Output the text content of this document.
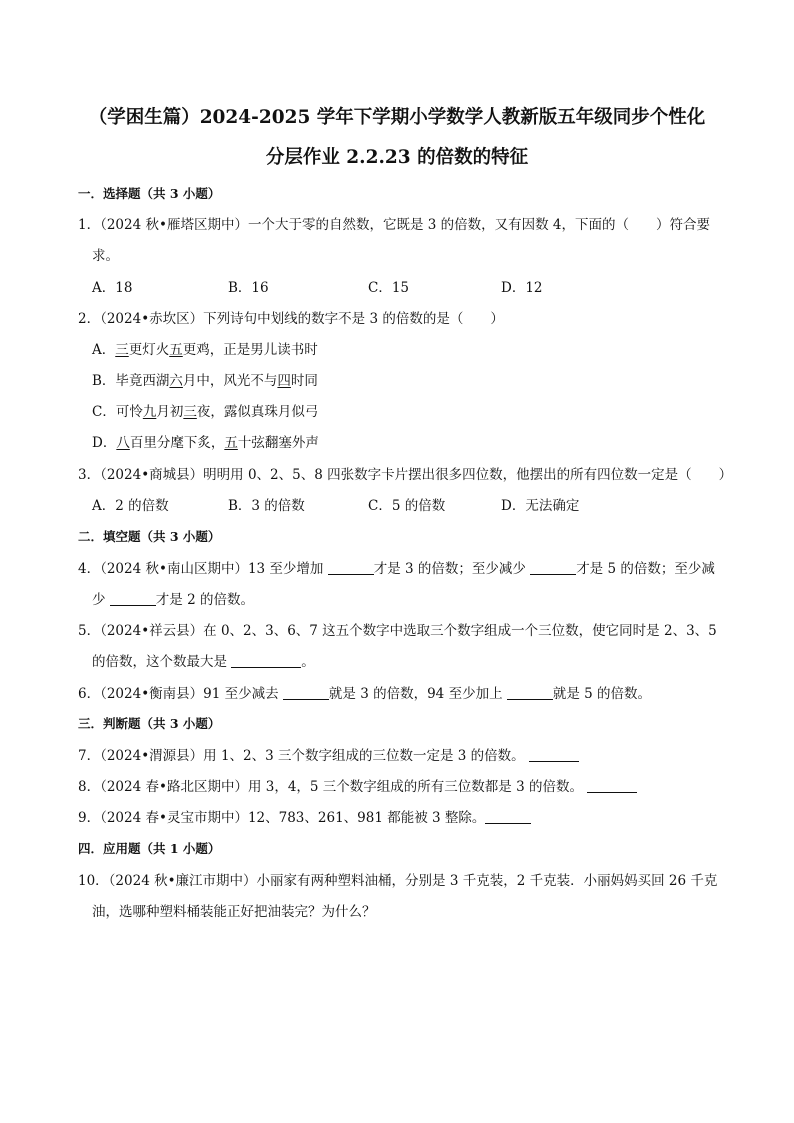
（学困生篇）2024-2025 学年下学期小学数学人教新版五年级同步个性化
分层作业 2.2.23 的倍数的特征
一．选择题（共 3 小题）
1．（2024 秋•雁塔区期中）一个大于零的自然数，它既是 3 的倍数，又有因数 4，下面的（　　）符合要
求。
A．18	B．16	C．15	D．12
2．（2024•赤坎区）下列诗句中划线的数字不是 3 的倍数的是（　　）
A．三更灯火五更鸡，正是男儿读书时
B．毕竟西湖六月中，风光不与四时同
C．可怜九月初三夜，露似真珠月似弓
D．八百里分麾下炙，五十弦翻塞外声
3．（2024•商城县）明明用 0、2、5、8 四张数字卡片摆出很多四位数，他摆出的所有四位数一定是（　　）
A．2 的倍数	B．3 的倍数	C．5 的倍数	D．无法确定
二．填空题（共 3 小题）
4．（2024 秋•南山区期中）13 至少增加	才是 3 的倍数；至少减少	才是 5 的倍数；至少减
少	才是 2 的倍数。
5．（2024•祥云县）在 0、2、3、6、7 这五个数字中选取三个数字组成一个三位数，使它同时是 2、3、5
的倍数，这个数最大是	。
6．（2024•衡南县）91 至少减去	就是 3 的倍数，94 至少加上	就是 5 的倍数。
三．判断题（共 3 小题）
7．（2024•渭源县）用 1、2、3 三个数字组成的三位数一定是 3 的倍数。
8．（2024 春•路北区期中）用 3，4，5 三个数字组成的所有三位数都是 3 的倍数。
9．（2024 春•灵宝市期中）12、783、261、981 都能被 3 整除。
四．应用题（共 1 小题）
10．（2024 秋•廉江市期中）小丽家有两种塑料油桶，分别是 3 千克装，2 千克装．小丽妈妈买回 26 千克
油，选哪种塑料桶装能正好把油装完？为什么？
